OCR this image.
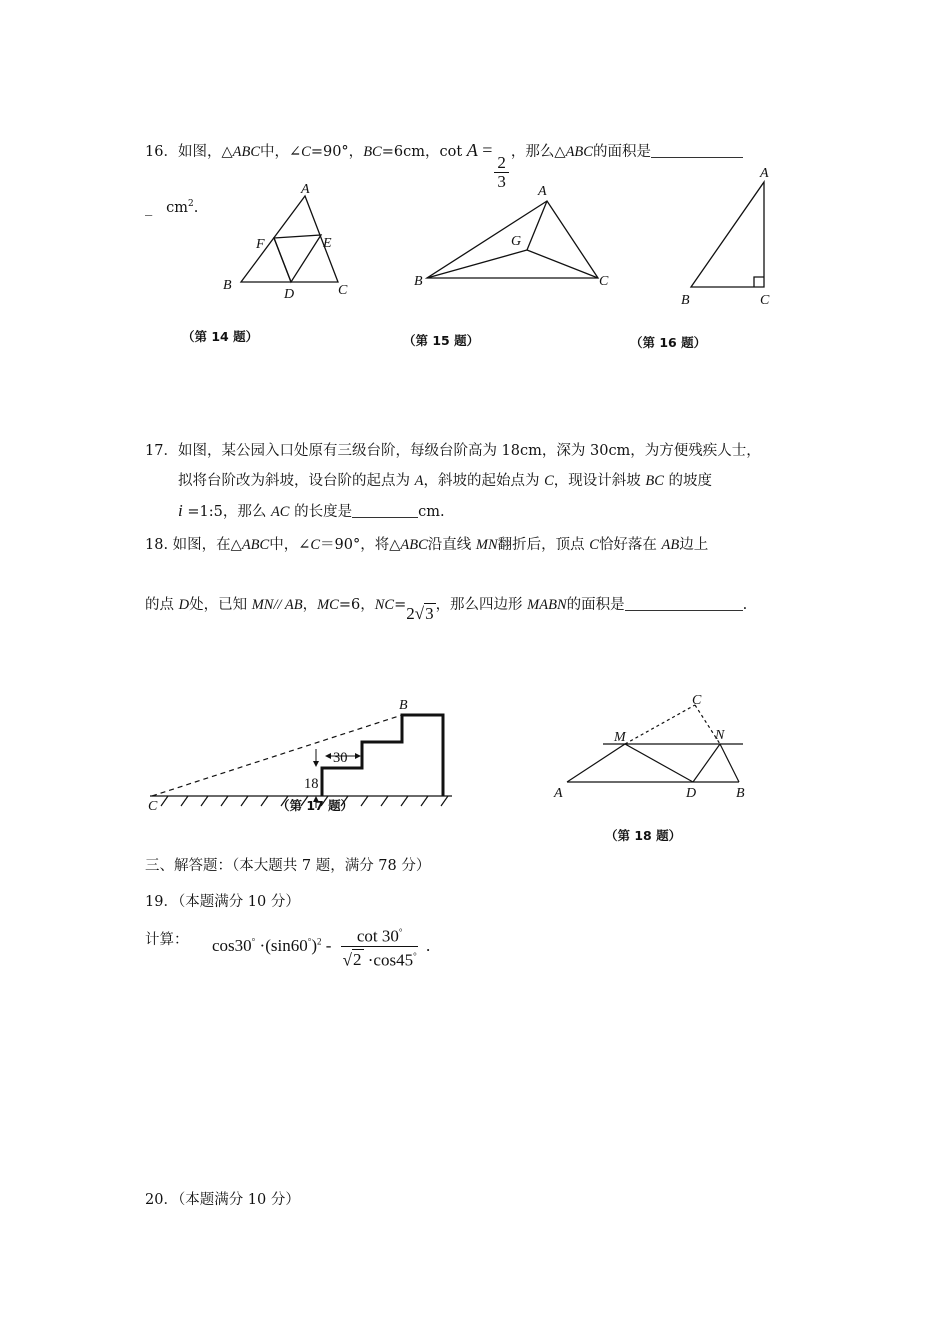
16．如图，△ABC中，∠C=90°，BC=6cm，cot A =
$\frac{2}{3}$
，那么△ABC的面积是
_ $cm^2$.
A
B	C
D
E
F
（第 14 题）
A
B	C
G
（第 15 题）
A
B	C
（第 16 题）
17．如图，某公园入口处原有三级台阶，每级台阶高为 18cm，深为 30cm，为方便残疾人士，
拟将台阶改为斜坡，设台阶的起点为 A，斜坡的起始点为 C，现设计斜坡 BC 的坡度
i =1:5，那么 AC 的长度是	cm.
18. 如图，在△ABC中，∠C＝90°，将△ABC沿直线 MN翻折后，顶点 C恰好落在 AB边上
的点 D处，已知 MN// AB，MC=6，NC=2√3 ，那么四边形 MABN的面积是	.
30
18
B
C	（第 17 题）
C
M	N
A	D	B
（第 18 题）
三、解答题：（本大题共 7 题，满分 78 分）
19．（本题满分 10 分）
计算： $\cos 30^\circ \cdot(\sin 60^\circ)^2 - \frac{\cot 30^\circ}{√2 \cdot\cos 45^\circ}$ .
20．（本题满分 10 分）
